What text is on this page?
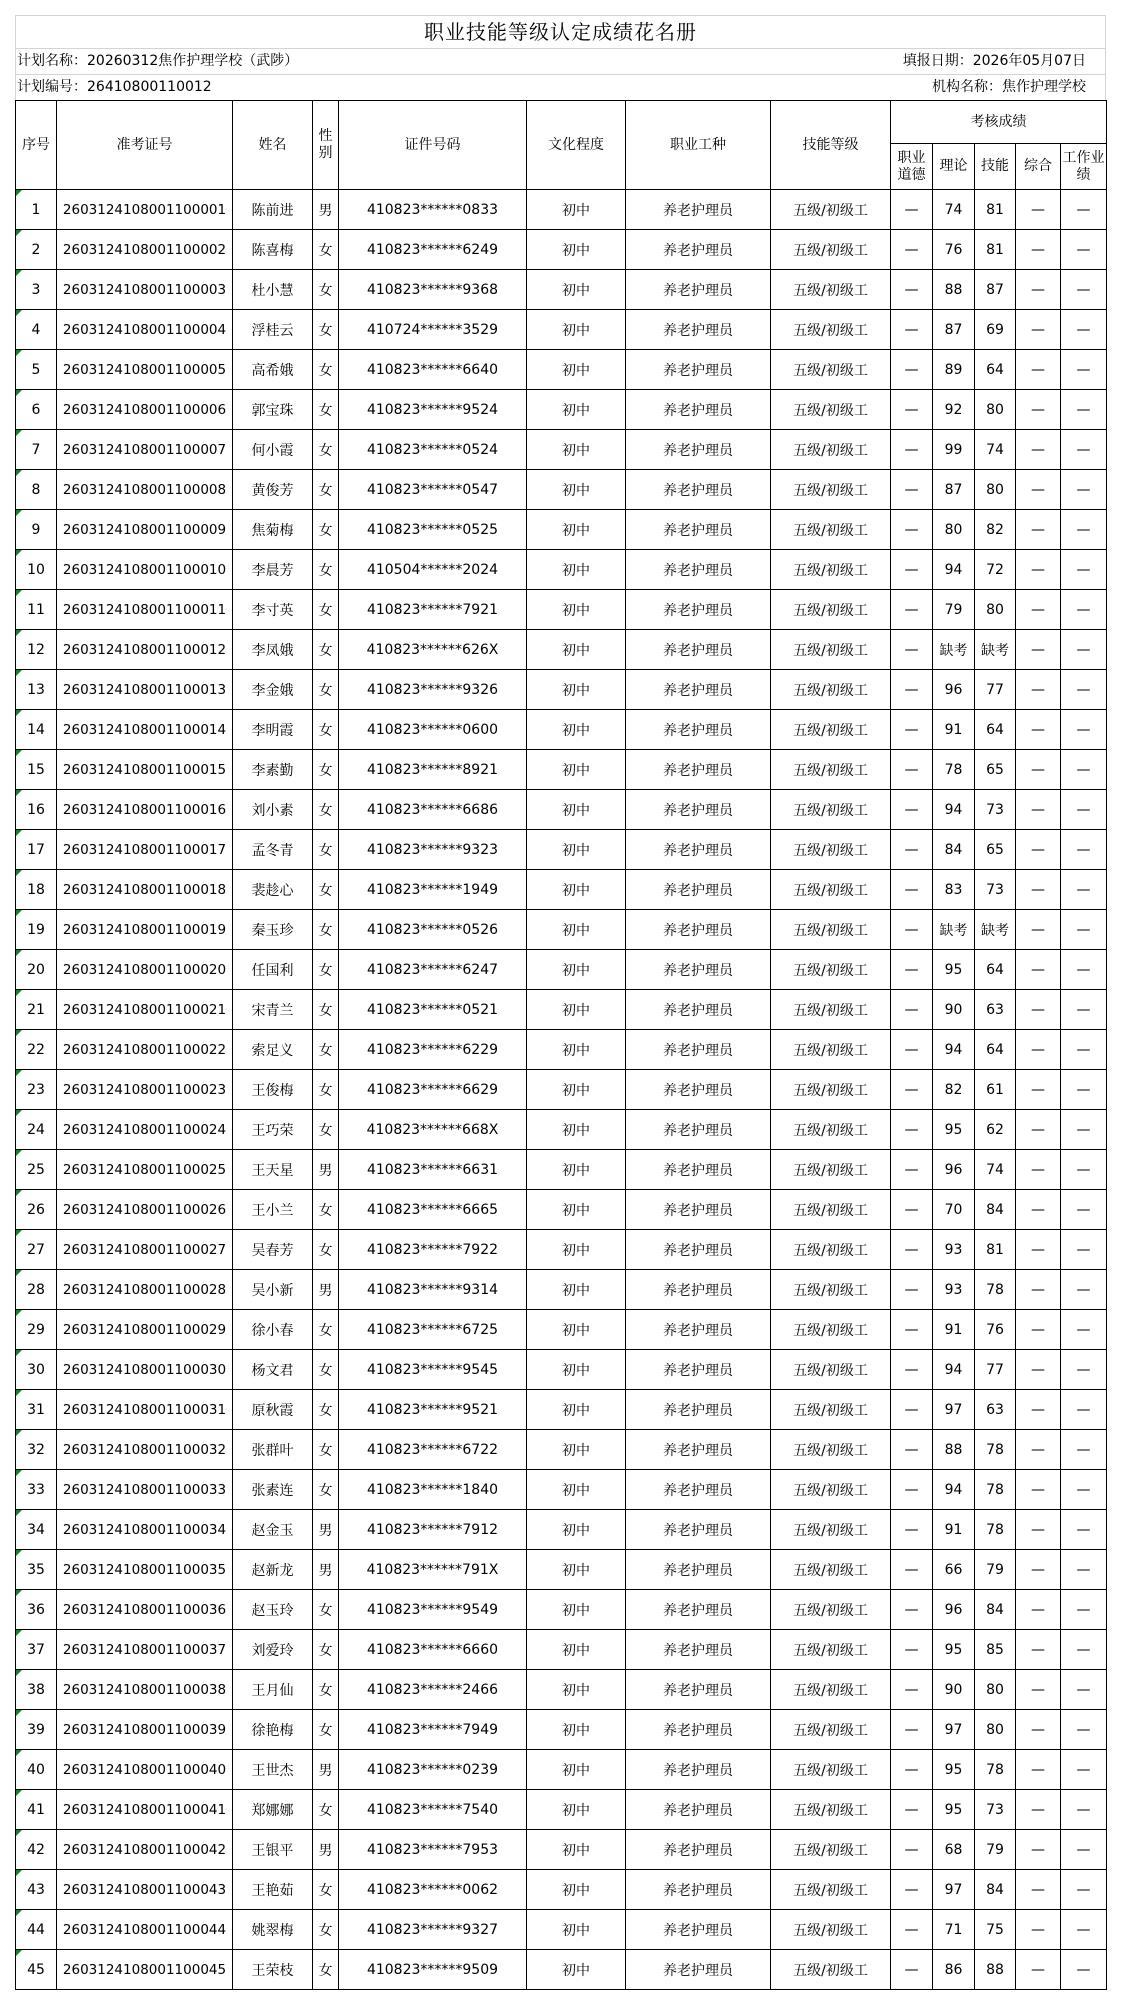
职业技能等级认定成绩花名册
计划名称：20260312焦作护理学校（武陟）	填报日期：2026年05月07日
计划编号：26410800110012	机构名称：焦作护理学校
序号	准考证号	姓名	性别	证件号码	文化程度	职业工种	技能等级	考核成绩				
								职业道德	理论	技能	综合	工作业绩
1	2603124108001100001	陈前进	男	410823******0833	初中	养老护理员	五级/初级工	—	74	81	—	—
2	2603124108001100002	陈喜梅	女	410823******6249	初中	养老护理员	五级/初级工	—	76	81	—	—
3	2603124108001100003	杜小慧	女	410823******9368	初中	养老护理员	五级/初级工	—	88	87	—	—
4	2603124108001100004	浮桂云	女	410724******3529	初中	养老护理员	五级/初级工	—	87	69	—	—
5	2603124108001100005	高希娥	女	410823******6640	初中	养老护理员	五级/初级工	—	89	64	—	—
6	2603124108001100006	郭宝珠	女	410823******9524	初中	养老护理员	五级/初级工	—	92	80	—	—
7	2603124108001100007	何小霞	女	410823******0524	初中	养老护理员	五级/初级工	—	99	74	—	—
8	2603124108001100008	黄俊芳	女	410823******0547	初中	养老护理员	五级/初级工	—	87	80	—	—
9	2603124108001100009	焦菊梅	女	410823******0525	初中	养老护理员	五级/初级工	—	80	82	—	—
10	2603124108001100010	李晨芳	女	410504******2024	初中	养老护理员	五级/初级工	—	94	72	—	—
11	2603124108001100011	李寸英	女	410823******7921	初中	养老护理员	五级/初级工	—	79	80	—	—
12	2603124108001100012	李凤娥	女	410823******626X	初中	养老护理员	五级/初级工	—	缺考	缺考	—	—
13	2603124108001100013	李金娥	女	410823******9326	初中	养老护理员	五级/初级工	—	96	77	—	—
14	2603124108001100014	李明霞	女	410823******0600	初中	养老护理员	五级/初级工	—	91	64	—	—
15	2603124108001100015	李素勤	女	410823******8921	初中	养老护理员	五级/初级工	—	78	65	—	—
16	2603124108001100016	刘小素	女	410823******6686	初中	养老护理员	五级/初级工	—	94	73	—	—
17	2603124108001100017	孟冬青	女	410823******9323	初中	养老护理员	五级/初级工	—	84	65	—	—
18	2603124108001100018	裴趁心	女	410823******1949	初中	养老护理员	五级/初级工	—	83	73	—	—
19	2603124108001100019	秦玉珍	女	410823******0526	初中	养老护理员	五级/初级工	—	缺考	缺考	—	—
20	2603124108001100020	任国利	女	410823******6247	初中	养老护理员	五级/初级工	—	95	64	—	—
21	2603124108001100021	宋青兰	女	410823******0521	初中	养老护理员	五级/初级工	—	90	63	—	—
22	2603124108001100022	索足义	女	410823******6229	初中	养老护理员	五级/初级工	—	94	64	—	—
23	2603124108001100023	王俊梅	女	410823******6629	初中	养老护理员	五级/初级工	—	82	61	—	—
24	2603124108001100024	王巧荣	女	410823******668X	初中	养老护理员	五级/初级工	—	95	62	—	—
25	2603124108001100025	王天星	男	410823******6631	初中	养老护理员	五级/初级工	—	96	74	—	—
26	2603124108001100026	王小兰	女	410823******6665	初中	养老护理员	五级/初级工	—	70	84	—	—
27	2603124108001100027	吴春芳	女	410823******7922	初中	养老护理员	五级/初级工	—	93	81	—	—
28	2603124108001100028	吴小新	男	410823******9314	初中	养老护理员	五级/初级工	—	93	78	—	—
29	2603124108001100029	徐小春	女	410823******6725	初中	养老护理员	五级/初级工	—	91	76	—	—
30	2603124108001100030	杨文君	女	410823******9545	初中	养老护理员	五级/初级工	—	94	77	—	—
31	2603124108001100031	原秋霞	女	410823******9521	初中	养老护理员	五级/初级工	—	97	63	—	—
32	2603124108001100032	张群叶	女	410823******6722	初中	养老护理员	五级/初级工	—	88	78	—	—
33	2603124108001100033	张素连	女	410823******1840	初中	养老护理员	五级/初级工	—	94	78	—	—
34	2603124108001100034	赵金玉	男	410823******7912	初中	养老护理员	五级/初级工	—	91	78	—	—
35	2603124108001100035	赵新龙	男	410823******791X	初中	养老护理员	五级/初级工	—	66	79	—	—
36	2603124108001100036	赵玉玲	女	410823******9549	初中	养老护理员	五级/初级工	—	96	84	—	—
37	2603124108001100037	刘爱玲	女	410823******6660	初中	养老护理员	五级/初级工	—	95	85	—	—
38	2603124108001100038	王月仙	女	410823******2466	初中	养老护理员	五级/初级工	—	90	80	—	—
39	2603124108001100039	徐艳梅	女	410823******7949	初中	养老护理员	五级/初级工	—	97	80	—	—
40	2603124108001100040	王世杰	男	410823******0239	初中	养老护理员	五级/初级工	—	95	78	—	—
41	2603124108001100041	郑娜娜	女	410823******7540	初中	养老护理员	五级/初级工	—	95	73	—	—
42	2603124108001100042	王银平	男	410823******7953	初中	养老护理员	五级/初级工	—	68	79	—	—
43	2603124108001100043	王艳茹	女	410823******0062	初中	养老护理员	五级/初级工	—	97	84	—	—
44	2603124108001100044	姚翠梅	女	410823******9327	初中	养老护理员	五级/初级工	—	71	75	—	—
45	2603124108001100045	王荣枝	女	410823******9509	初中	养老护理员	五级/初级工	—	86	88	—	—
